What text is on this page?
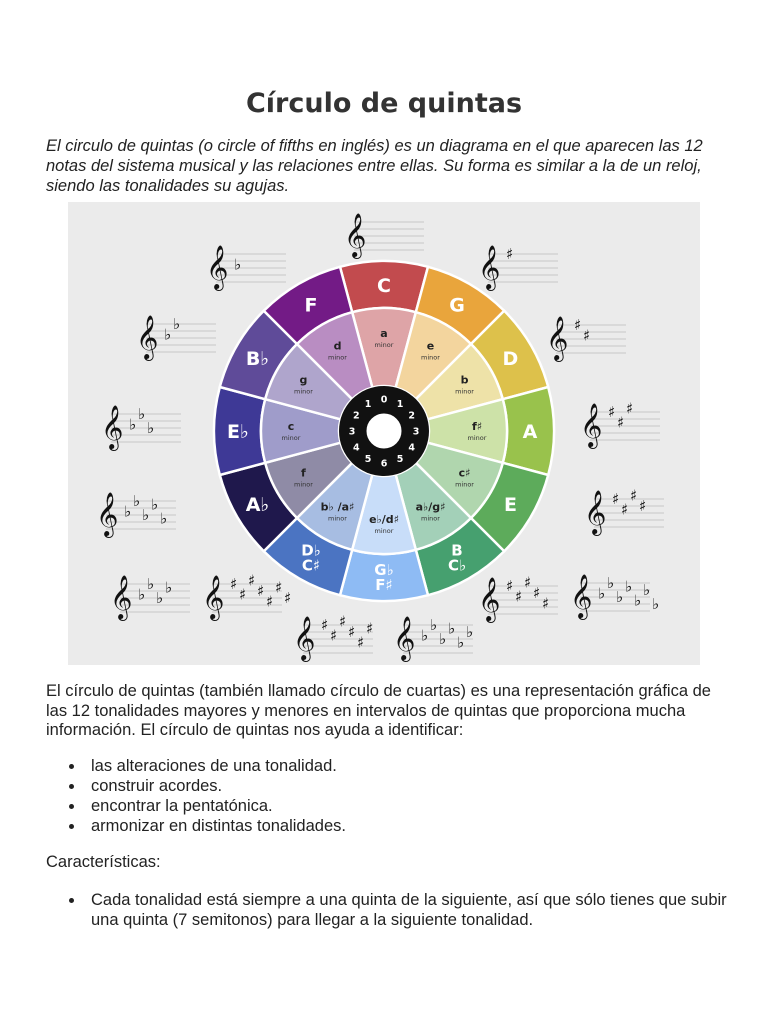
Círculo de quintas

El circulo de quintas (o circle of fifths en inglés) es un diagrama en el que aparecen las 12 notas del sistema musical y las relaciones entre ellas. Su forma es similar a la de un reloj, siendo las tonalidades su agujas.

C
a
minor
G
e
minor	D
b
minor
A
f♯
minor
E
c♯
minor
B C♭
a♭/g♯
minor
G♭ F♯
e♭/d♯
minor
D♭ C♯
b♭ /a♯
minor
A♭
f
minor
E♭	c
minor
B♭
g
minor
F
d
minor
0 1
2
3
4
5
6
5
4
3
2
1
𝄞
𝄞 ♯
𝄞 ♯
♯
𝄞 ♯
♯
♯
𝄞 ♯
♯
♯
♯
𝄞 ♭
♭
♭
♭
♭
♭
♭
𝄞 ♯
♯
♯
♯
♯
𝄞 ♭
♭
♭
♭
♭
♭
𝄞 ♯
♯
♯
♯
♯
♯
𝄞 ♭
♭
♭
♭ 𝄞 ♯
♯
♯
♯
♯
♯
♯
𝄞 ♭
♭
♭
♭
♭
𝄞 ♭
♭
♭
𝄞 ♭
♭
𝄞 ♭

El círculo de quintas (también llamado círculo de cuartas) es una representación gráfica de las 12 tonalidades mayores y menores en intervalos de quintas que proporciona mucha información. El círculo de quintas nos ayuda a identificar:

las alteraciones de una tonalidad.
construir acordes.
encontrar la pentatónica.
armonizar en distintas tonalidades.

Características:

Cada tonalidad está siempre a una quinta de la siguiente, así que sólo tienes que subir una quinta (7 semitonos) para llegar a la siguiente tonalidad.
